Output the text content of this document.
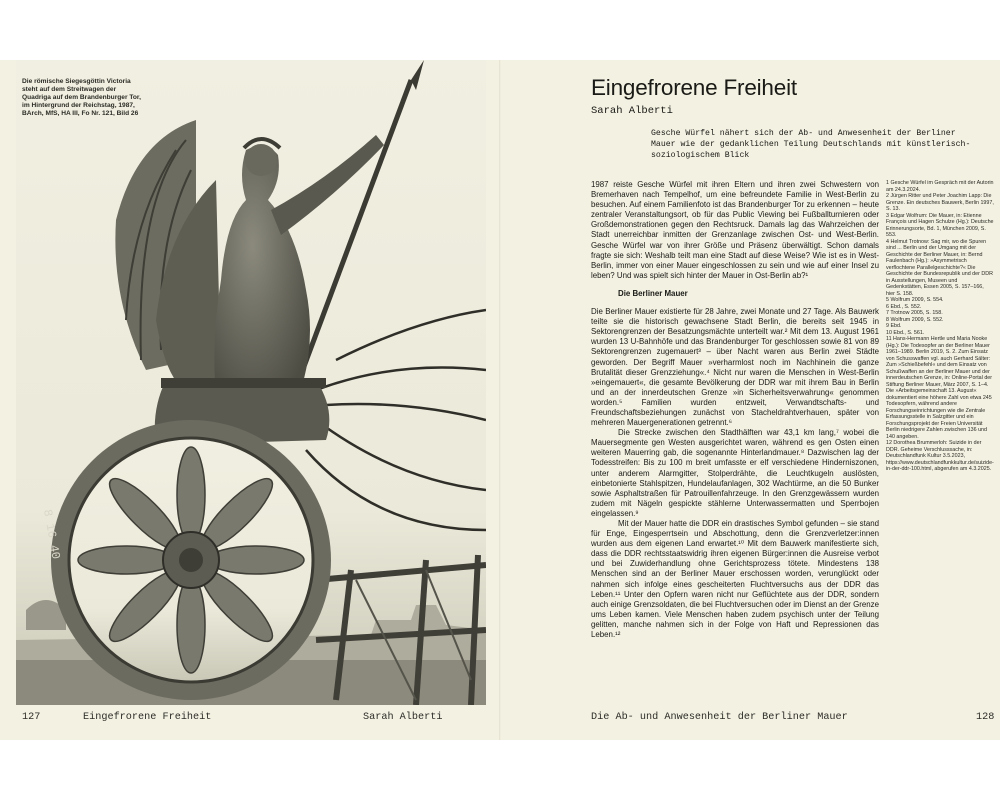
8 16 40

Die römische Siegesgöttin Victoria steht auf dem Streitwagen der Quadriga auf dem Brandenburger Tor, im Hintergrund der Reichstag, 1987, BArch, MfS, HA III, Fo Nr. 121, Bild 26

127	Eingefrorene Freiheit	Sarah Alberti
Eingefrorene Freiheit

Sarah Alberti

Gesche Würfel nähert sich der Ab- und Anwesenheit der Berliner Mauer wie der gedanklichen Teilung Deutschlands mit künstlerisch-soziologischem Blick

1987 reiste Gesche Würfel mit ihren Eltern und ihren zwei Schwestern von Bremerhaven nach Tempelhof, um eine befreundete Familie in West-Berlin zu besuchen. Auf einem Familienfoto ist das Brandenburger Tor zu erkennen – heute zentraler Veranstaltungsort, ob für das Public Viewing bei Fußballturnieren oder Großdemonstrationen gegen den Rechtsruck. Damals lag das Wahrzeichen der Stadt unerreichbar inmitten der Grenzanlage zwischen Ost- und West-Berlin. Gesche Würfel war von ihrer Größe und Präsenz überwältigt. Schon damals fragte sie sich: Weshalb teilt man eine Stadt auf diese Weise? Wie ist es in West-Berlin, immer von einer Mauer eingeschlossen zu sein und wie auf einer Insel zu leben? Und was spielt sich hinter der Mauer in Ost-Berlin ab?¹

Die Berliner Mauer

Die Berliner Mauer existierte für 28 Jahre, zwei Monate und 27 Tage. Als Bauwerk teilte sie die historisch gewachsene Stadt Berlin, die bereits seit 1945 in Sektorengrenzen der Besatzungsmächte unterteilt war.² Mit dem 13. August 1961 wurden 13 U-Bahnhöfe und das Brandenburger Tor geschlossen sowie 81 von 89 Sektorengrenzen zugemauert³ – über Nacht waren aus Berlin zwei Städte geworden. Der Begriff Mauer »verharmlost noch im Nachhinein die ganze Brutalität dieser Grenzziehung«.⁴ Nicht nur waren die Menschen in West-Berlin »eingemauert«, die gesamte Bevölkerung der DDR war mit ihrem Bau in Berlin und an der innerdeutschen Grenze »in Sicherheitsverwahrung« genommen worden.⁵ Familien wurden entzweit, Verwandtschafts- und Freundschaftsbeziehungen zunächst von Stacheldrahtverhauen, später von mehreren Mauergenerationen getrennt.⁶

Die Strecke zwischen den Stadthälften war 43,1 km lang,⁷ wobei die Mauersegmente gen Westen ausgerichtet waren, während es gen Osten einen weiteren Mauerring gab, die sogenannte Hinterlandmauer.⁸ Dazwischen lag der Todesstreifen: Bis zu 100 m breit umfasste er elf verschiedene Hinderniszonen, unter anderem Alarmgitter, Stolperdrähte, die Leuchtkugeln auslösten, einbetonierte Stahlspitzen, Hundelaufanlagen, 302 Wachtürme, an die 50 Bunker sowie Asphaltstraßen für Patrouillenfahrzeuge. In den Grenzgewässern wurden zudem mit Nägeln gespickte stählerne Unterwassermatten und Sperrbojen eingelassen.⁹

Mit der Mauer hatte die DDR ein drastisches Symbol gefunden – sie stand für Enge, Eingesperrtsein und Abschottung, denn die Grenzverletzer:innen wurden aus dem eigenen Land erwartet.¹⁰ Mit dem Bauwerk manifestierte sich, dass die DDR rechtsstaatswidrig ihren eigenen Bürger:innen die Ausreise verbot und bei Zuwiderhandlung ohne Gerichtsprozess tötete. Mindestens 138 Menschen sind an der Berliner Mauer erschossen worden, verunglückt oder nahmen sich infolge eines gescheiterten Fluchtversuchs aus der DDR das Leben.¹¹ Unter den Opfern waren nicht nur Geflüchtete aus der DDR, sondern auch einige Grenzsoldaten, die bei Fluchtversuchen oder im Dienst an der Grenze ums Leben kamen. Viele Menschen haben zudem psychisch unter der Teilung gelitten, manche nahmen sich in der Folge von Haft und Repressionen das Leben.¹²

1 Gesche Würfel im Gespräch mit der Autorin am 24.3.2024.

2 Jürgen Ritter und Peter Joachim Lapp: Die Grenze. Ein deutsches Bauwerk, Berlin 1997, S. 13.

3 Edgar Wolfrum: Die Mauer, in: Etienne François und Hagen Schulze (Hg.): Deutsche Erinnerungsorte, Bd. 1, München 2009, S. 553.

4 Helmut Trotnow: Sag mir, wo die Spuren sind ... Berlin und der Umgang mit der Geschichte der Berliner Mauer, in: Bernd Faulenbach (Hg.): »Asymmetrisch verflochtene Parallelgeschichte?« Die Geschichte der Bundesrepublik und der DDR in Ausstellungen, Museen und Gedenkstätten, Essen 2005, S. 157–166, hier S. 158.

5 Wolfrum 2009, S. 554.

6 Ebd., S. 552.

7 Trotnow 2005, S. 158.

8 Wolfrum 2009, S. 552.

9 Ebd.

10 Ebd., S. 561.

11 Hans-Hermann Hertle und Maria Nooke (Hg.): Die Todesopfer an der Berliner Mauer 1961–1989. Berlin 2019, S. 2. Zum Einsatz von Schusswaffen vgl. auch Gerhard Sälter: Zum »Schießbefehl« und dem Einsatz von Schußwaffen an der Berliner Mauer und der innerdeutschen Grenze, in: Online-Portal der Stiftung Berliner Mauer, März 2007, S. 1–4. Die »Arbeitsgemeinschaft 13. August« dokumentiert eine höhere Zahl von etwa 245 Todesopfern, während andere Forschungseinrichtungen wie die Zentrale Erfassungsstelle in Salzgitter und ein Forschungsprojekt der Freien Universität Berlin niedrigere Zahlen zwischen 136 und 140 angeben.

12 Dorothea Brummerloh: Suizide in der DDR. Geheime Verschlusssache, in: Deutschlandfunk Kultur 3.5.2023, https://www.deutschlandfunkkultur.de/suizide-in-der-ddr-100.html, abgerufen am 4.3.2025.

Die Ab- und Anwesenheit der Berliner Mauer	128
